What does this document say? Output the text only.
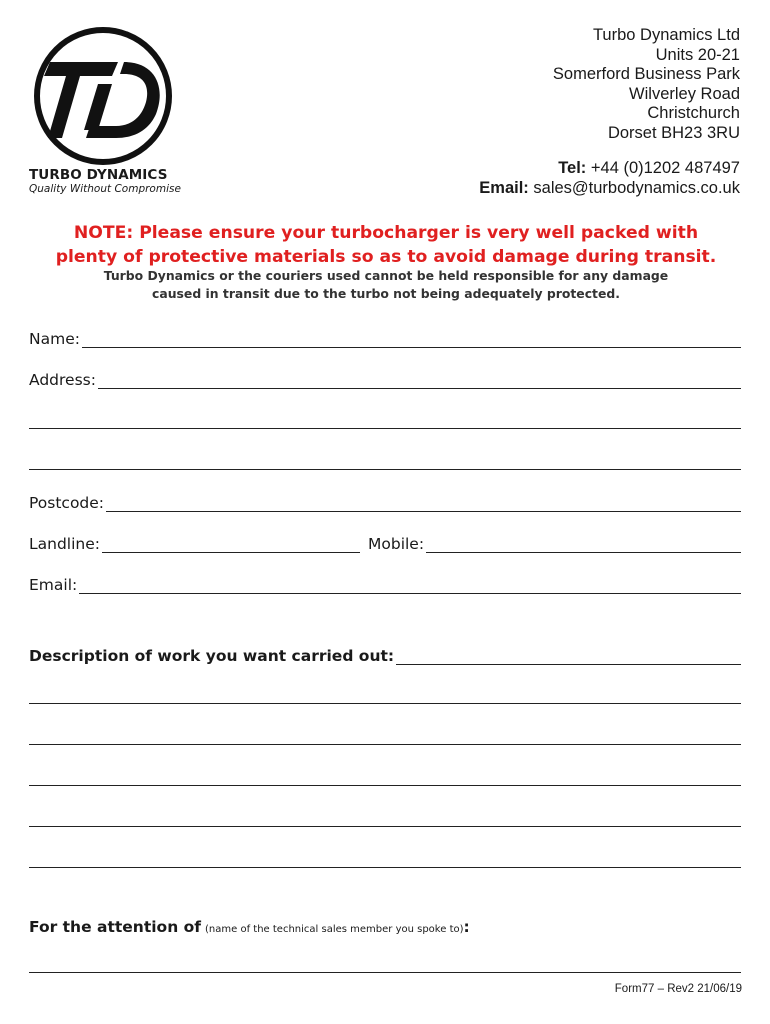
TURBO DYNAMICS
Quality Without Compromise
Turbo Dynamics Ltd
Units 20-21
Somerford Business Park
Wilverley Road
Christchurch
Dorset BH23 3RU
Tel: +44 (0)1202 487497
Email: sales@turbodynamics.co.uk
NOTE: Please ensure your turbocharger is very well packed with
plenty of protective materials so as to avoid damage during transit.
Turbo Dynamics or the couriers used cannot be held responsible for any damage
caused in transit due to the turbo not being adequately protected.
Name:
Address:
Postcode:
Landline:	Mobile:
Email:
Description of work you want carried out:
For the attention of (name of the technical sales member you spoke to):
Form77 – Rev2 21/06/19
